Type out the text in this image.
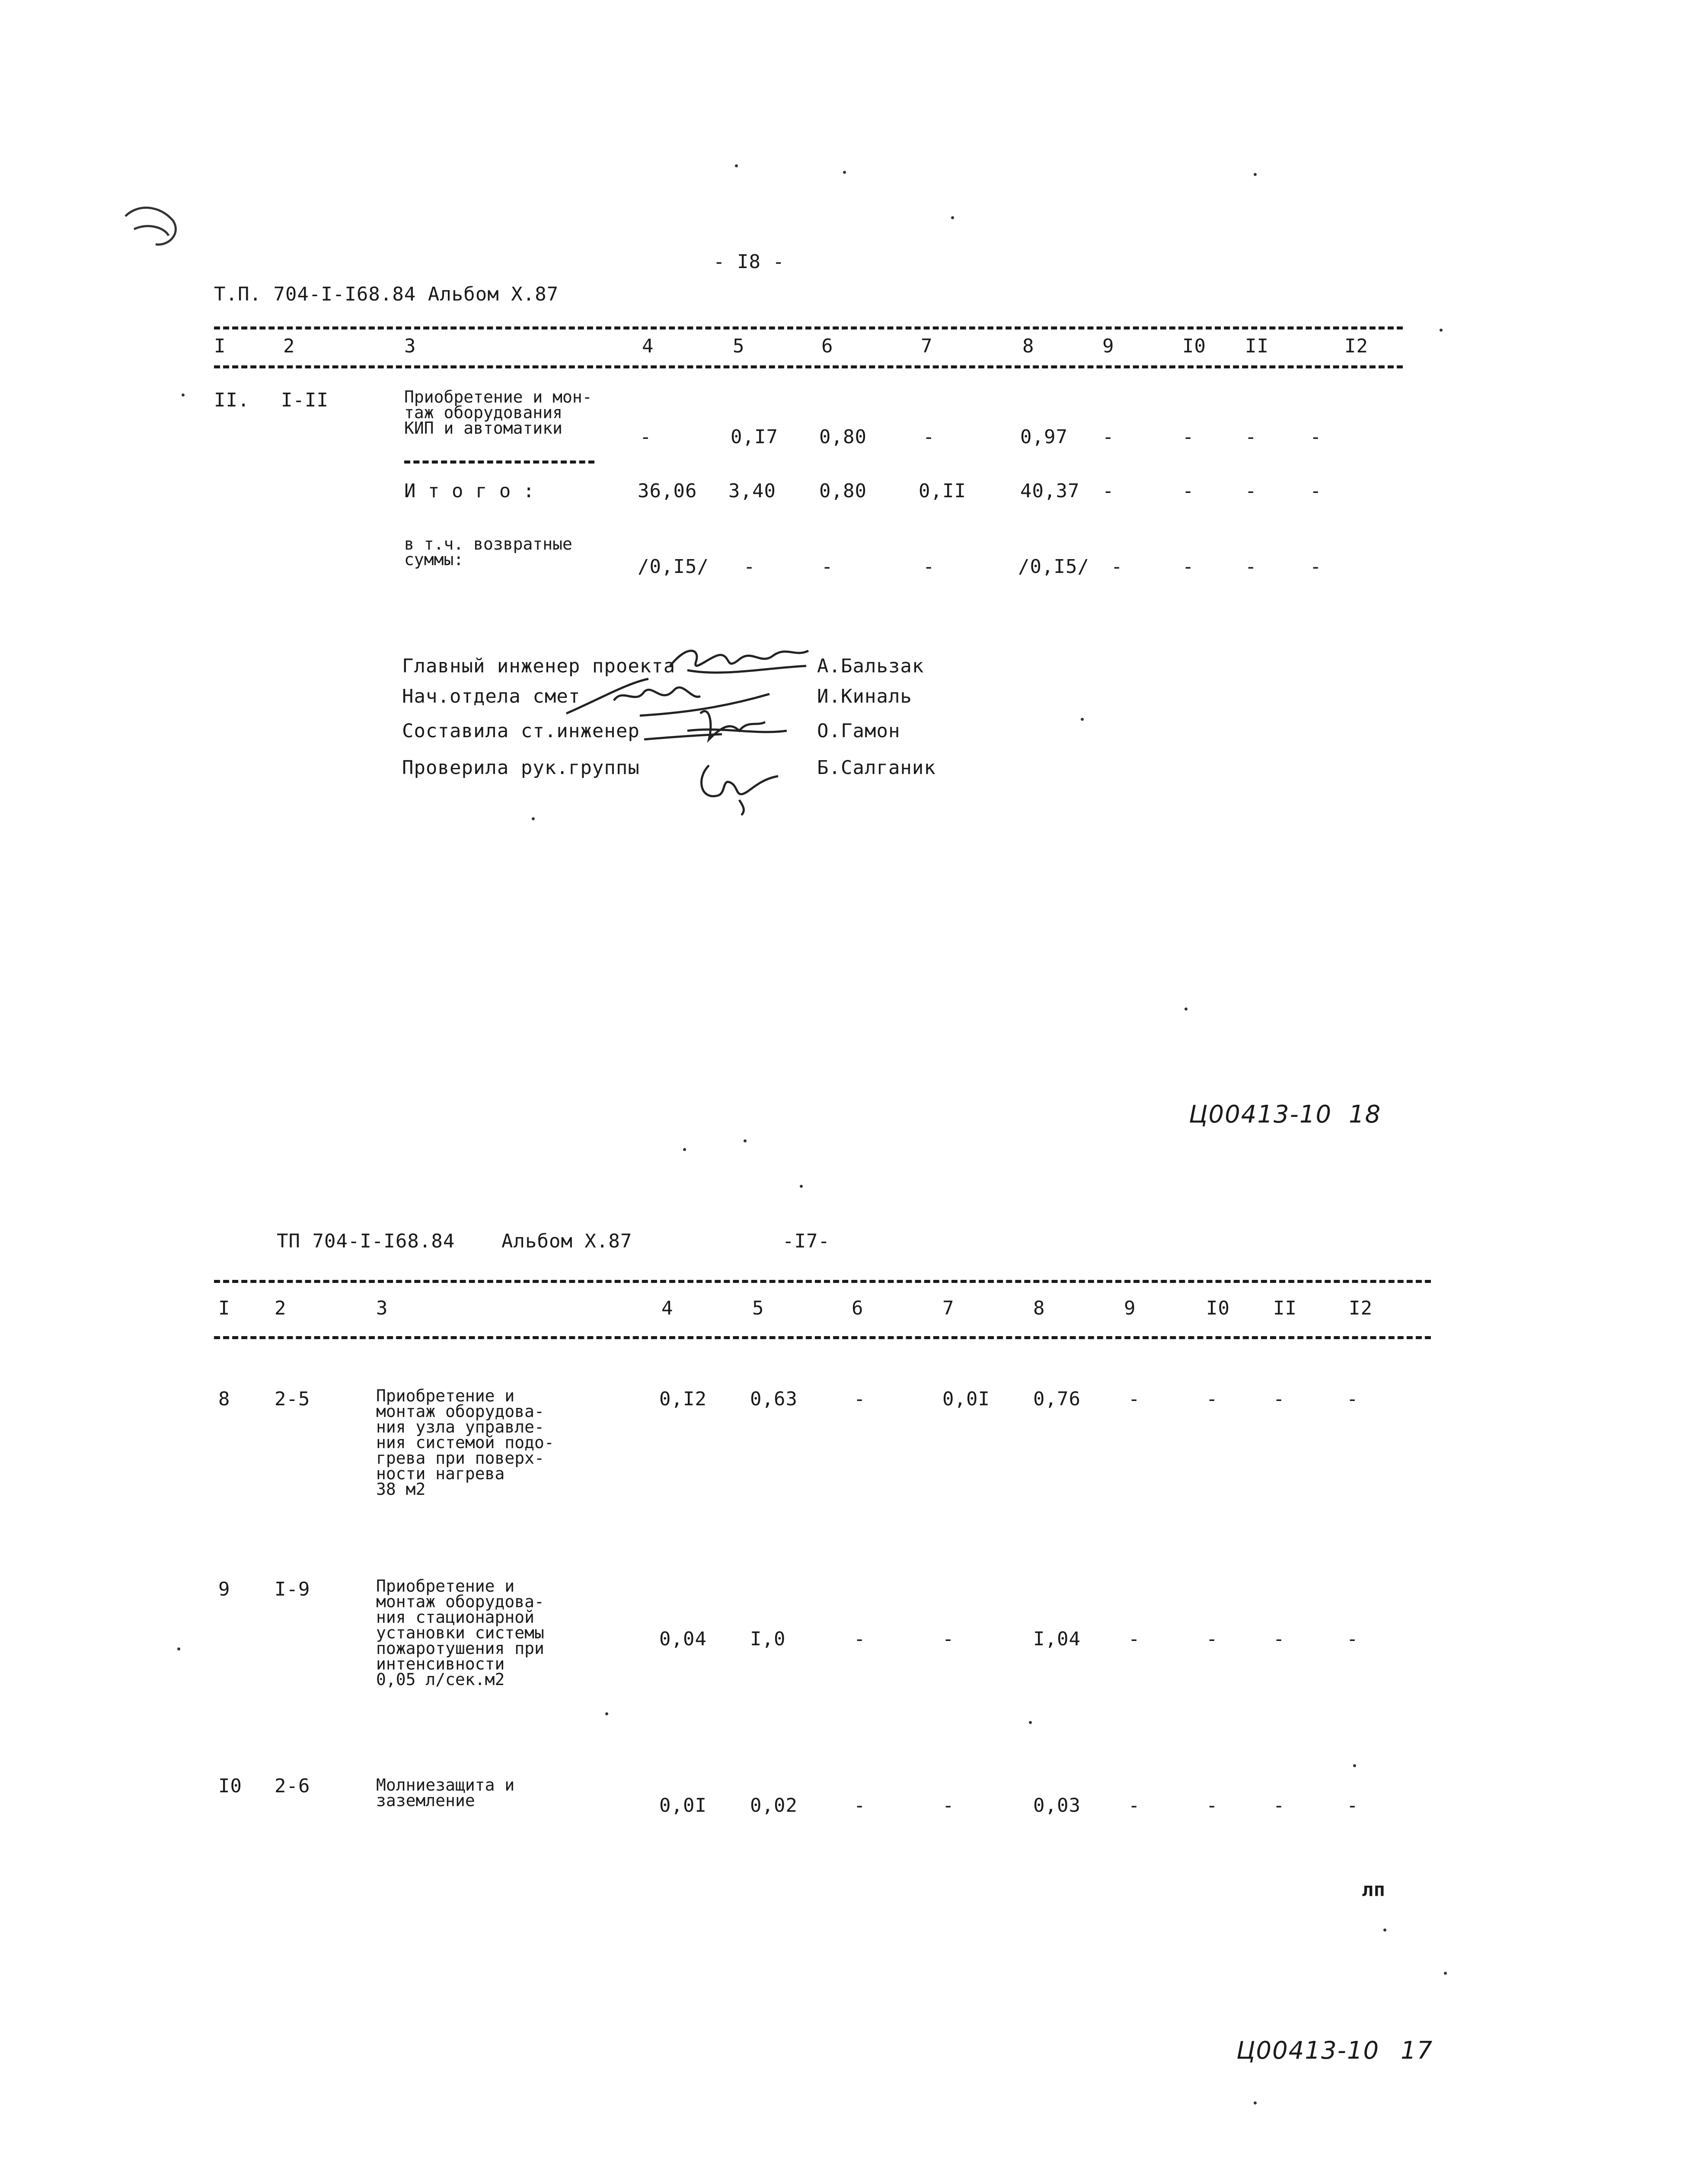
- I8 -
Т.П. 704-I-I68.84 Альбом Х.87
I	2	3	4	5	6	7	8	9	I0 II	I2
II. I-II	Приобретение и мон-
таж оборудования
КИП и автоматики	-	0,I7 0,80	-	0,97 -	-	-	-
И т о г о :	36,06 3,40 0,80	0,II	40,37 -	-	-	-
в т.ч. возвратные
суммы:	/0,I5/ -	-	-	/0,I5/ -	-	-	-
Главный инженер проекта	А.Бальзак
Нач.отдела смет	И.Киналь
Составила ст.инженер	О.Гамон
Проверила рук.группы	Б.Салганик
Ц00413-10 18
ТП 704-I-I68.84 Альбом Х.87	-I7-
I 2	3	4	5	6	7	8	9	I0 II	I2
8 2-5	Приобретение и
монтаж оборудова-
ния узла управле-
ния системой подо-
грева при поверх-
ности нагрева
38 м2
0,I2 0,63	-	0,0I 0,76	-	-	-	-
9 I-9	Приобретение и
монтаж оборудова-
ния стационарной
установки системы
пожаротушения при
интенсивности
0,05 л/сек.м2
0,04 I,0	-	-	I,04	-	-	-	-
I0 2-6	Молниезащита и
заземление	0,0I 0,02	-	-	0,03	-	-	-	-
лп
Ц00413-10 17
